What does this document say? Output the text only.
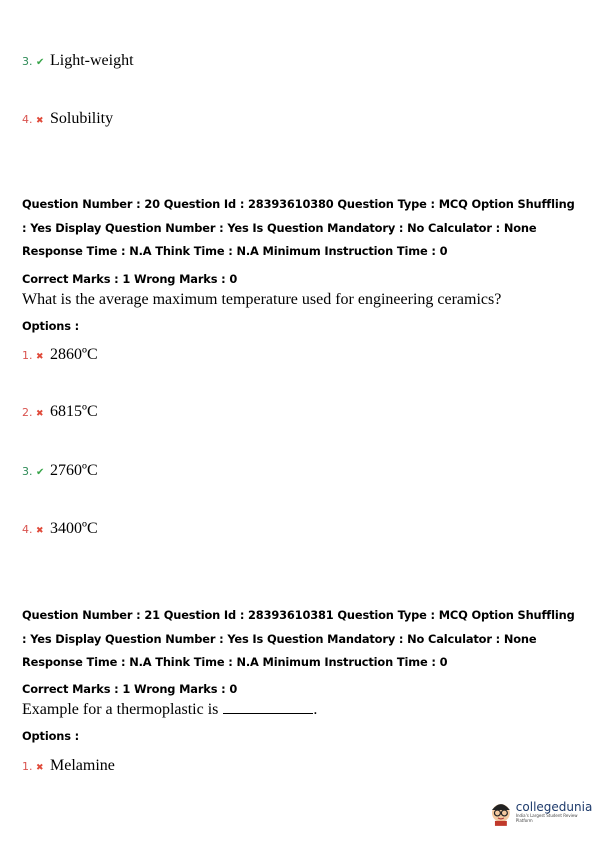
3. ✔ Light-weight
4. ✖ Solubility
Question Number : 20 Question Id : 28393610380 Question Type : MCQ Option Shuffling : Yes Display Question Number : Yes Is Question Mandatory : No Calculator : None Response Time : N.A Think Time : N.A Minimum Instruction Time : 0
Correct Marks : 1 Wrong Marks : 0
What is the average maximum temperature used for engineering ceramics?
Options :
1. ✖ 2860ºC
2. ✖ 6815ºC
3. ✔ 2760ºC
4. ✖ 3400ºC
Question Number : 21 Question Id : 28393610381 Question Type : MCQ Option Shuffling : Yes Display Question Number : Yes Is Question Mandatory : No Calculator : None Response Time : N.A Think Time : N.A Minimum Instruction Time : 0
Correct Marks : 1 Wrong Marks : 0
Example for a thermoplastic is	.
Options :
1. ✖ Melamine
collegedunia
India's Largest Student Review Platform
